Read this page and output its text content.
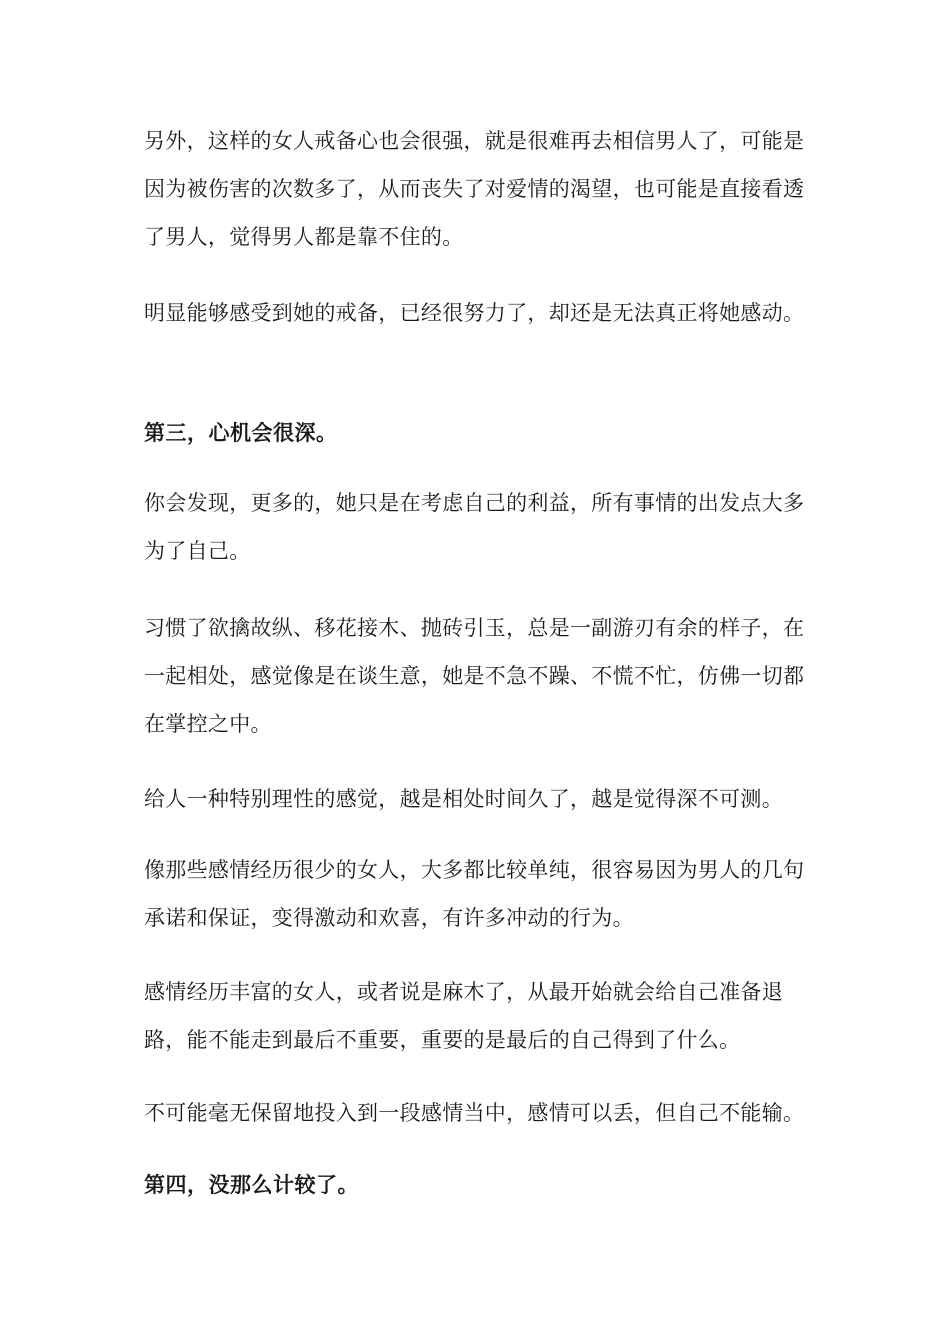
另外，这样的女人戒备心也会很强，就是很难再去相信男人了，可能是因为被伤害的次数多了，从而丧失了对爱情的渴望，也可能是直接看透了男人，觉得男人都是靠不住的。

明显能够感受到她的戒备，已经很努力了，却还是无法真正将她感动。

第三，心机会很深。

你会发现，更多的，她只是在考虑自己的利益，所有事情的出发点大多为了自己。

习惯了欲擒故纵、移花接木、抛砖引玉，总是一副游刃有余的样子，在一起相处，感觉像是在谈生意，她是不急不躁、不慌不忙，仿佛一切都在掌控之中。

给人一种特别理性的感觉，越是相处时间久了，越是觉得深不可测。

像那些感情经历很少的女人，大多都比较单纯，很容易因为男人的几句承诺和保证，变得激动和欢喜，有许多冲动的行为。

感情经历丰富的女人，或者说是麻木了，从最开始就会给自己准备退路，能不能走到最后不重要，重要的是最后的自己得到了什么。

不可能毫无保留地投入到一段感情当中，感情可以丢，但自己不能输。

第四，没那么计较了。
